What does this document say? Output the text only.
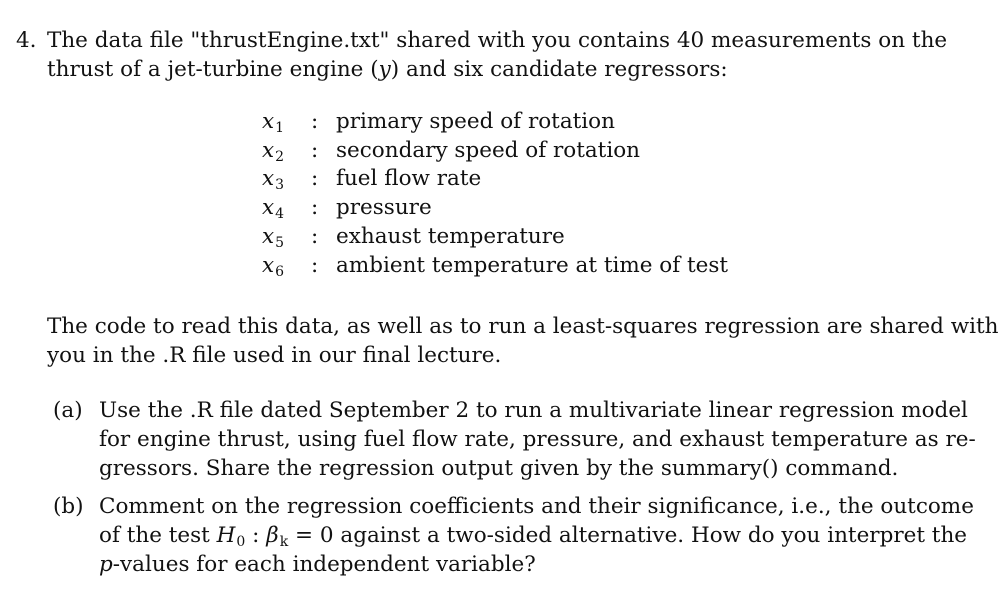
4. The data file "thrustEngine.txt" shared with you contains 40 measurements on the
thrust of a jet-turbine engine (y) and six candidate regressors:
x1	: primary speed of rotation
x2	: secondary speed of rotation
x3	: fuel flow rate
x4	: pressure
x5	: exhaust temperature
x6	: ambient temperature at time of test
The code to read this data, as well as to run a least-squares regression are shared with
you in the .R file used in our final lecture.
(a) Use the .R file dated September 2 to run a multivariate linear regression model
for engine thrust, using fuel flow rate, pressure, and exhaust temperature as re-
gressors. Share the regression output given by the summary() command.
(b) Comment on the regression coefficients and their significance, i.e., the outcome
of the test H0 : βk = 0 against a two-sided alternative. How do you interpret the
p-values for each independent variable?
